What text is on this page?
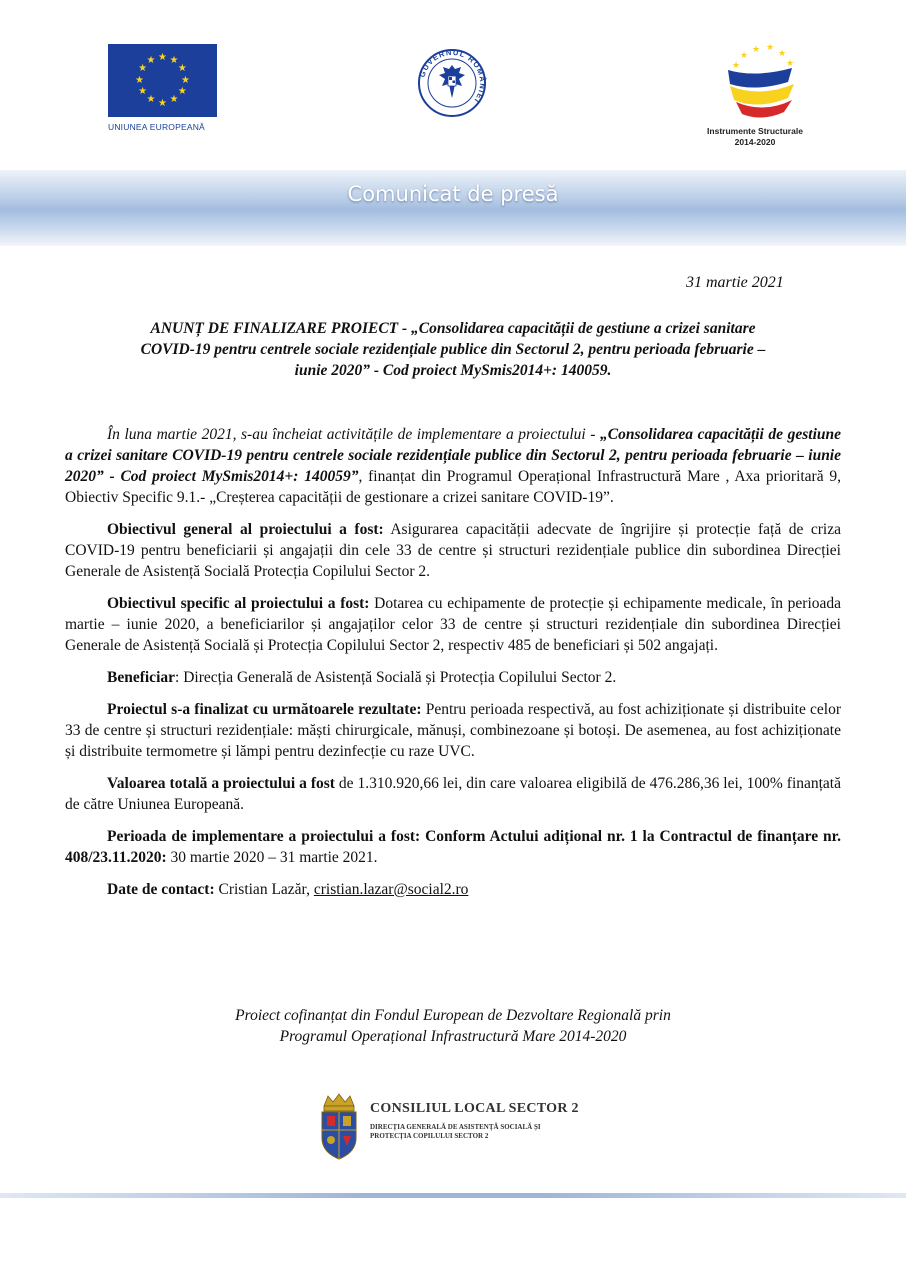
★ ★
★
★
★
★
★
★
★
★
★
★
UNIUNEA EUROPEANĂ
GUVERNUL ROMÂNIEI
★ ★
★
★
★
★
Instrumente Structurale
2014-2020
Comunicat de presă
31 martie 2021
ANUNȚ DE FINALIZARE PROIECT - „Consolidarea capacității de gestiune a crizei sanitare
COVID-19 pentru centrele sociale rezidențiale publice din Sectorul 2, pentru perioada februarie –
iunie 2020” - Cod proiect MySmis2014+: 140059.

În luna martie 2021, s-au încheiat activitățile de implementare a proiectului - „Consolidarea capacității de gestiune a crizei sanitare COVID-19 pentru centrele sociale rezidențiale publice din Sectorul 2, pentru perioada februarie – iunie 2020” - Cod proiect MySmis2014+: 140059”, finanțat din Programul Operațional Infrastructură Mare , Axa prioritară 9, Obiectiv Specific 9.1.- „Creșterea capacității de gestionare a crizei sanitare COVID-19”.

Obiectivul general al proiectului a fost: Asigurarea capacității adecvate de îngrijire și protecție față de criza COVID-19 pentru beneficiarii și angajații din cele 33 de centre și structuri rezidențiale publice din subordinea Direcției Generale de Asistență Socială Protecția Copilului Sector 2.

Obiectivul specific al proiectului a fost: Dotarea cu echipamente de protecție și echipamente medicale, în perioada martie – iunie 2020, a beneficiarilor și angajaților celor 33 de centre și structuri rezidențiale din subordinea Direcției Generale de Asistență Socială și Protecția Copilului Sector 2, respectiv 485 de beneficiari și 502 angajați.

Beneficiar: Direcția Generală de Asistență Socială și Protecția Copilului Sector 2.

Proiectul s-a finalizat cu următoarele rezultate: Pentru perioada respectivă, au fost achiziționate și distribuite celor 33 de centre și structuri rezidențiale: măști chirurgicale, mănuși, combinezoane și botoși. De asemenea, au fost achiziționate și distribuite termometre și lămpi pentru dezinfecție cu raze UVC.

Valoarea totală a proiectului a fost de 1.310.920,66 lei, din care valoarea eligibilă de 476.286,36 lei, 100% finanțată de către Uniunea Europeană.

Perioada de implementare a proiectului a fost: Conform Actului adițional nr. 1 la Contractul de finanțare nr. 408/23.11.2020: 30 martie 2020 – 31 martie 2021.

Date de contact: Cristian Lazăr, cristian.lazar@social2.ro

Proiect cofinanțat din Fondul European de Dezvoltare Regională prin
Programul Operațional Infrastructură Mare 2014-2020
CONSILIUL LOCAL SECTOR 2
DIRECȚIA GENERALĂ DE ASISTENȚĂ SOCIALĂ ȘI
PROTECȚIA COPILULUI SECTOR 2
